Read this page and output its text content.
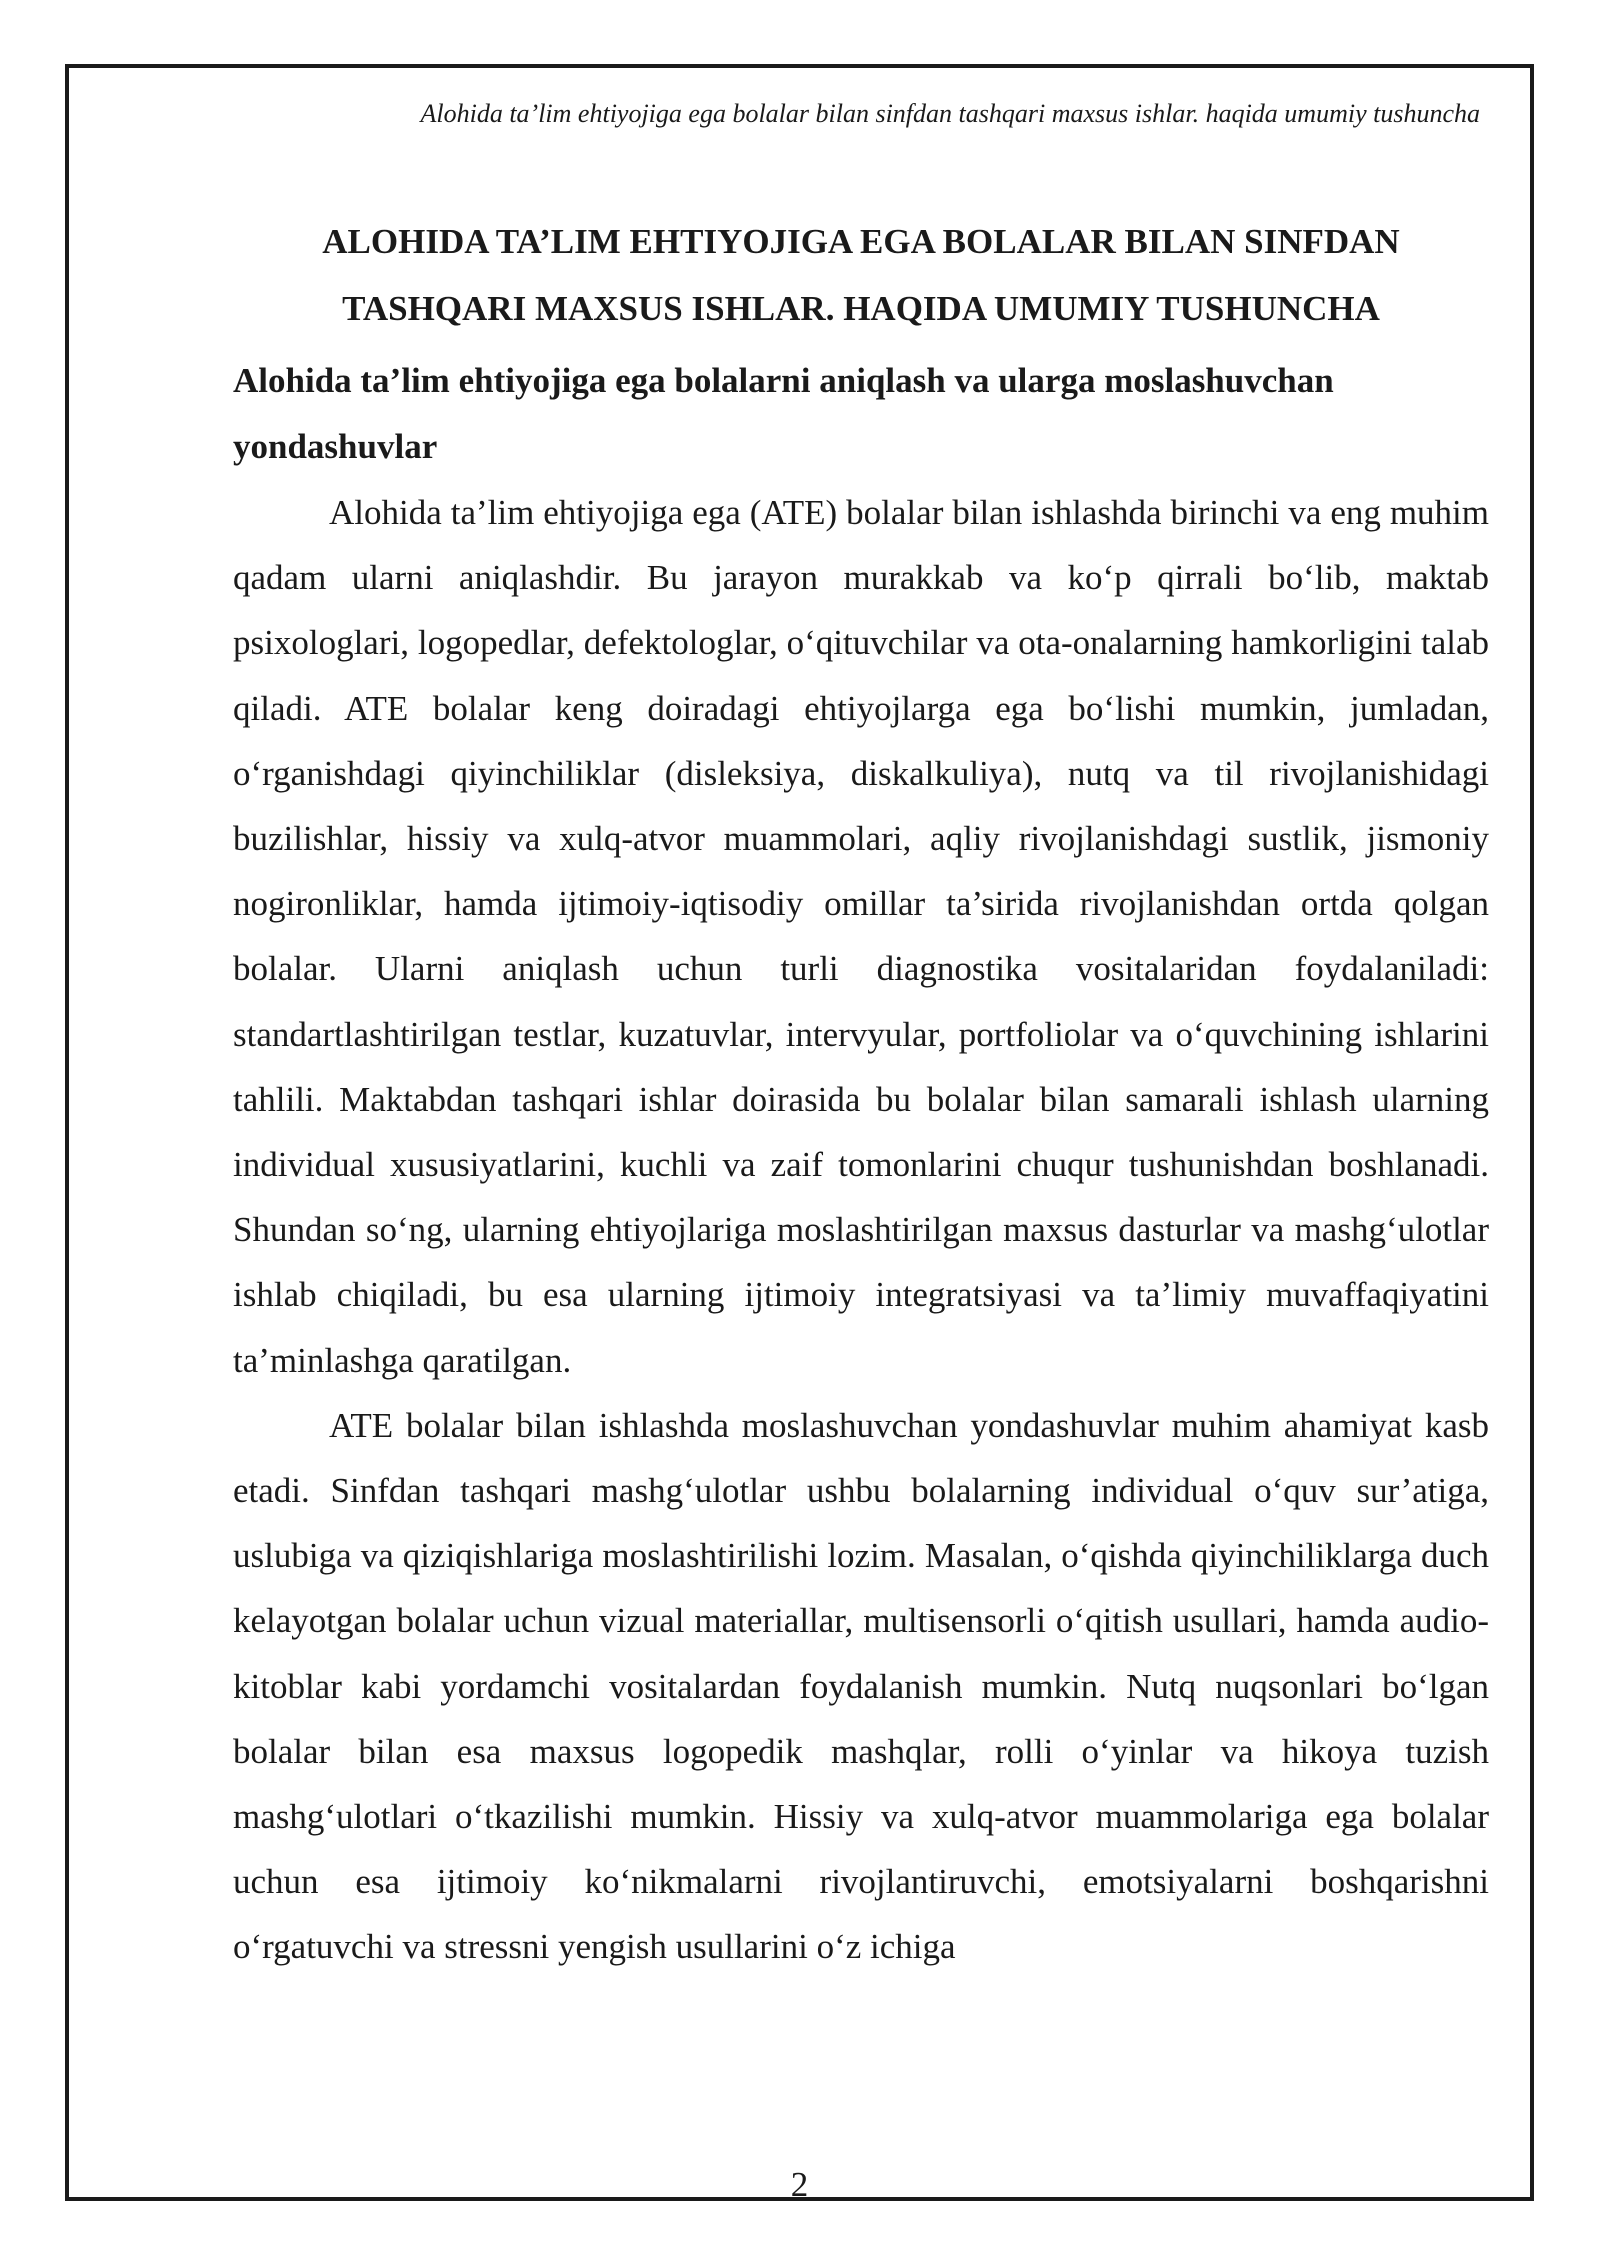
Alohida ta’lim ehtiyojiga ega bolalar bilan sinfdan tashqari maxsus ishlar. haqida umumiy tushuncha
ALOHIDA TA’LIM EHTIYOJIGA EGA BOLALAR BILAN SINFDAN TASHQARI MAXSUS ISHLAR. HAQIDA UMUMIY TUSHUNCHA
Alohida ta’lim ehtiyojiga ega bolalarni aniqlash va ularga moslashuvchan yondashuvlar

Alohida ta’lim ehtiyojiga ega (ATE) bolalar bilan ishlashda birinchi va eng muhim qadam ularni aniqlashdir. Bu jarayon murakkab va ko‘p qirrali bo‘lib, maktab psixologlari, logopedlar, defektologlar, o‘qituvchilar va ota-onalarning hamkorligini talab qiladi. ATE bolalar keng doiradagi ehtiyojlarga ega bo‘lishi mumkin, jumladan, o‘rganishdagi qiyinchiliklar (disleksiya, diskalkuliya), nutq va til rivojlanishidagi buzilishlar, hissiy va xulq-atvor muammolari, aqliy rivojlanishdagi sustlik, jismoniy nogironliklar, hamda ijtimoiy-iqtisodiy omillar ta’sirida rivojlanishdan ortda qolgan bolalar. Ularni aniqlash uchun turli diagnostika vositalaridan foydalaniladi: standartlashtirilgan testlar, kuzatuvlar, intervyular, portfoliolar va o‘quvchining ishlarini tahlili. Maktabdan tashqari ishlar doirasida bu bolalar bilan samarali ishlash ularning individual xususiyatlarini, kuchli va zaif tomonlarini chuqur tushunishdan boshlanadi. Shundan so‘ng, ularning ehtiyojlariga moslashtirilgan maxsus dasturlar va mashg‘ulotlar ishlab chiqiladi, bu esa ularning ijtimoiy integratsiyasi va ta’limiy muvaffaqiyatini ta’minlashga qaratilgan.

ATE bolalar bilan ishlashda moslashuvchan yondashuvlar muhim ahamiyat kasb etadi. Sinfdan tashqari mashg‘ulotlar ushbu bolalarning individual o‘quv sur’atiga, uslubiga va qiziqishlariga moslashtirilishi lozim. Masalan, o‘qishda qiyinchiliklarga duch kelayotgan bolalar uchun vizual materiallar, multisensorli o‘qitish usullari, hamda audio-kitoblar kabi yordamchi vositalardan foydalanish mumkin. Nutq nuqsonlari bo‘lgan bolalar bilan esa maxsus logopedik mashqlar, rolli o‘yinlar va hikoya tuzish mashg‘ulotlari o‘tkazilishi mumkin. Hissiy va xulq-atvor muammolariga ega bolalar uchun esa ijtimoiy ko‘nikmalarni rivojlantiruvchi, emotsiyalarni boshqarishni o‘rgatuvchi va stressni yengish usullarini o‘z ichiga

2
